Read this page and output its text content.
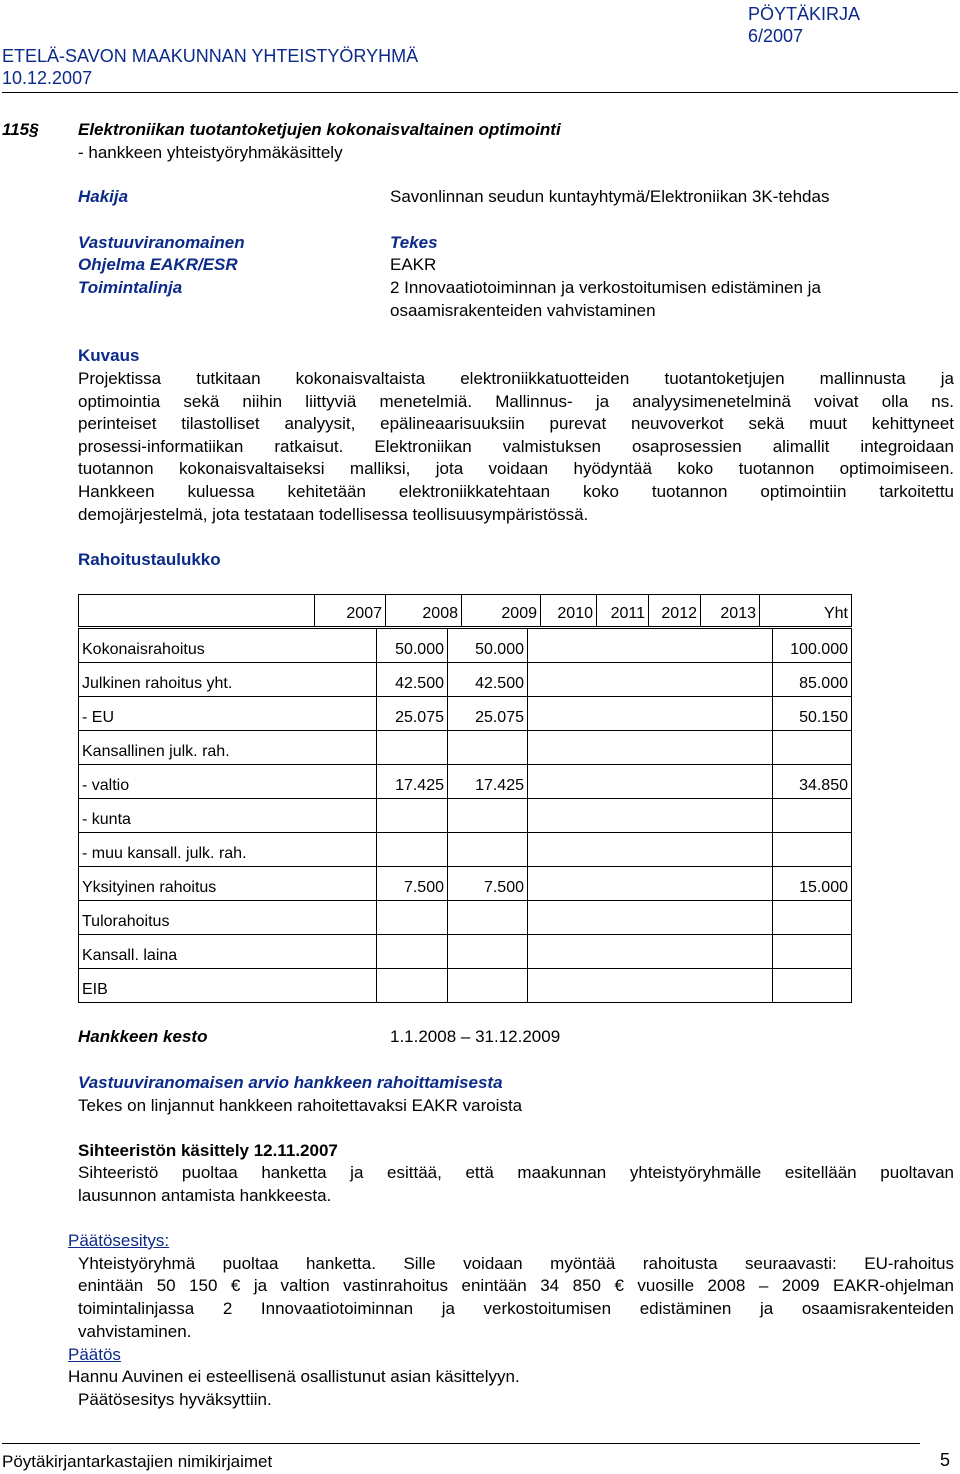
PÖYTÄKIRJA
6/2007
ETELÄ-SAVON MAAKUNNAN YHTEISTYÖRYHMÄ
10.12.2007
115§ Elektroniikan tuotantoketjujen kokonaisvaltainen optimointi
- hankkeen yhteistyöryhmäkäsittely
Hakija	Savonlinnan seudun kuntayhtymä/Elektroniikan 3K-tehdas
Vastuuviranomainen	Tekes
Ohjelma EAKR/ESR	EAKR
Toimintalinja	2 Innovaatiotoiminnan ja verkostoitumisen edistäminen ja
osaamisrakenteiden vahvistaminen
Kuvaus
Projektissa tutkitaan kokonaisvaltaista elektroniikkatuotteiden tuotantoketjujen mallinnusta ja
optimointia sekä niihin liittyviä menetelmiä. Mallinnus- ja analyysimenetelminä voivat olla ns.
perinteiset tilastolliset analyysit, epälineaarisuuksiin purevat neuvoverkot sekä muut kehittyneet
prosessi-informatiikan ratkaisut. Elektroniikan valmistuksen osaprosessien alimallit integroidaan
tuotannon kokonaisvaltaiseksi malliksi, jota voidaan hyödyntää koko tuotannon optimoimiseen.
Hankkeen kuluessa kehitetään elektroniikkatehtaan koko tuotannon optimointiin tarkoitettu
demojärjestelmä, jota testataan todellisessa teollisuusympäristössä.
Rahoitustaulukko
	2007	2008	2009	2010	2011	2012	2013	Yht
Kokonaisrahoitus	50.000	50.000		100.000
Julkinen rahoitus yht.	42.500	42.500		85.000
- EU	25.075	25.075		50.150
Kansallinen julk. rah.				
- valtio	17.425	17.425		34.850
- kunta				
- muu kansall. julk. rah.				
Yksityinen rahoitus	7.500	7.500		15.000
Tulorahoitus				
Kansall. laina				
EIB				
Hankkeen kesto	1.1.2008 – 31.12.2009
Vastuuviranomaisen arvio hankkeen rahoittamisesta
Tekes on linjannut hankkeen rahoitettavaksi EAKR varoista
Sihteeristön käsittely 12.11.2007
Sihteeristö puoltaa hanketta ja esittää, että maakunnan yhteistyöryhmälle esitellään puoltavan
lausunnon antamista hankkeesta.
Päätösesitys:
Yhteistyöryhmä puoltaa hanketta. Sille voidaan myöntää rahoitusta seuraavasti: EU-rahoitus
enintään 50 150 € ja valtion vastinrahoitus enintään 34 850 € vuosille 2008 – 2009 EAKR-ohjelman
toimintalinjassa 2 Innovaatiotoiminnan ja verkostoitumisen edistäminen ja osaamisrakenteiden
vahvistaminen.
Päätös
Hannu Auvinen ei esteellisenä osallistunut asian käsittelyyn.
Päätösesitys hyväksyttiin.
Pöytäkirjantarkastajien nimikirjaimet	5
